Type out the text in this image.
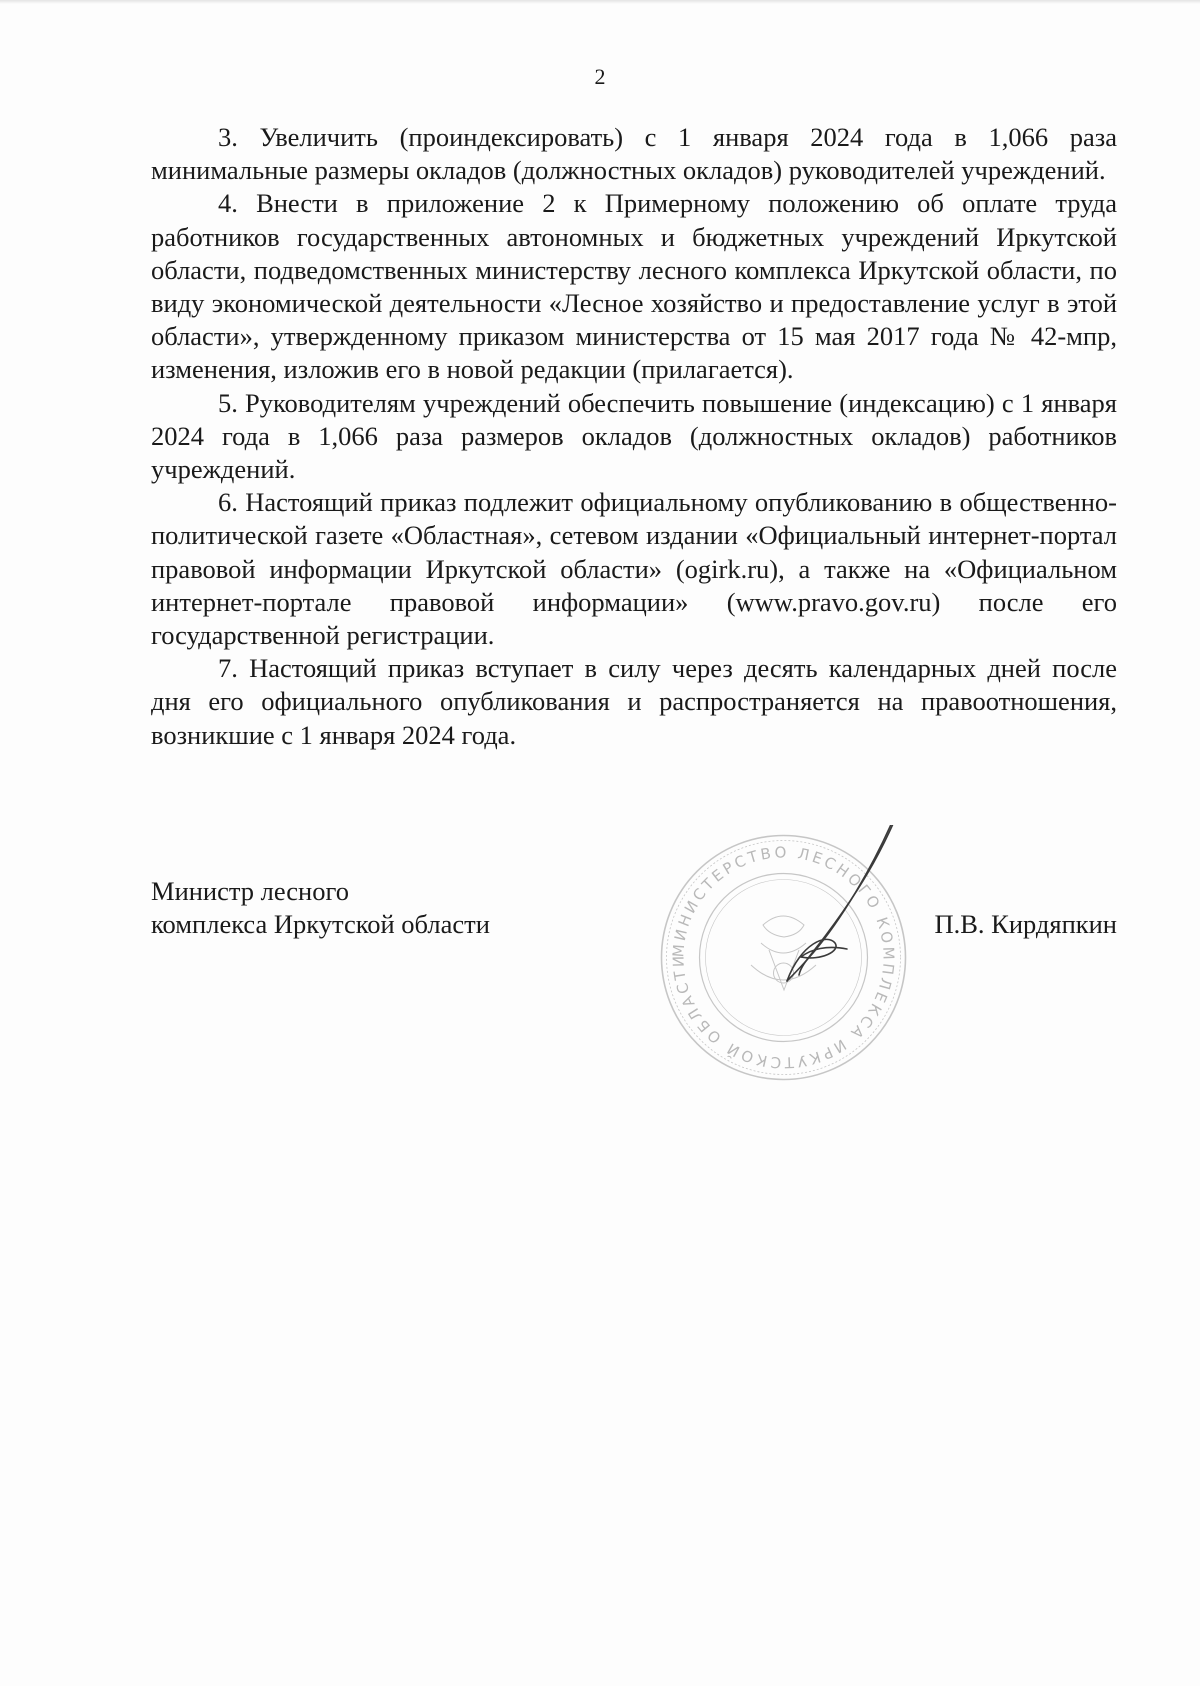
2

3. Увеличить (проиндексировать) с 1 января 2024 года в 1,066 раза минимальные размеры окладов (должностных окладов) руководителей учреждений.

4. Внести в приложение 2 к Примерному положению об оплате труда работников государственных автономных и бюджетных учреждений Иркутской области, подведомственных министерству лесного комплекса Иркутской области, по виду экономической деятельности «Лесное хозяйство и предоставление услуг в этой области», утвержденному приказом министерства от 15 мая 2017 года № 42-мпр, изменения, изложив его в новой редакции (прилагается).

5. Руководителям учреждений обеспечить повышение (индексацию) с 1 января 2024 года в 1,066 раза размеров окладов (должностных окладов) работников учреждений.

6. Настоящий приказ подлежит официальному опубликованию в общественно-политической газете «Областная», сетевом издании «Официальный интернет-портал правовой информации Иркутской области» (ogirk.ru), а также на «Официальном интернет-портале правовой информации» (www.pravo.gov.ru) после его государственной регистрации.

7. Настоящий приказ вступает в силу через десять календарных дней после дня его официального опубликования и распространяется на правоотношения, возникшие с 1 января 2024 года.

Министр лесного
комплекса Иркутской области
МИНИСТЕРСТВО ЛЕСНОГО КОМПЛЕКСА ИРКУТСКОЙ ОБЛАСТИ
П.В. Кирдяпкин
